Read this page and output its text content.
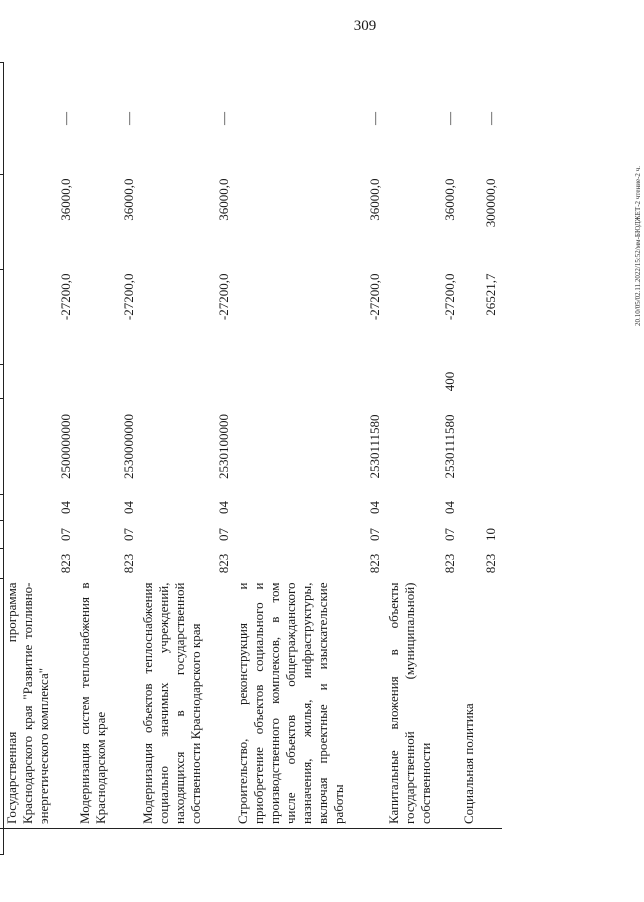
309
20.10/05/02.11.2022/15:52/мм-БЮДЖЕТ-2 чтение-2 ч.

	Государственная программа Краснодарского края "Развитие топливно-энергетического комплекса"	823	07	04	2500000000		-27200,0	36000,0	—
	Модернизация систем теплоснабжения в Краснодарском крае	823	07	04	2530000000		-27200,0	36000,0	—
	Модернизация объектов теплоснабжения социально значимых учреждений, находящихся в государственной собственности Краснодарского края	823	07	04	2530100000		-27200,0	36000,0	—
	Строительство, реконструкция и приобретение объектов социального и производственного комплексов, в том числе объектов общегражданского назначения, жилья, инфраструктуры, включая проектные и изыскательские работы	823	07	04	2530111580		-27200,0	36000,0	—
	Капитальные вложения в объекты государственной (муниципальной) собственности	823	07	04	2530111580	400	-27200,0	36000,0	—
	Социальная политика	823	10				26521,7	300000,0	—
